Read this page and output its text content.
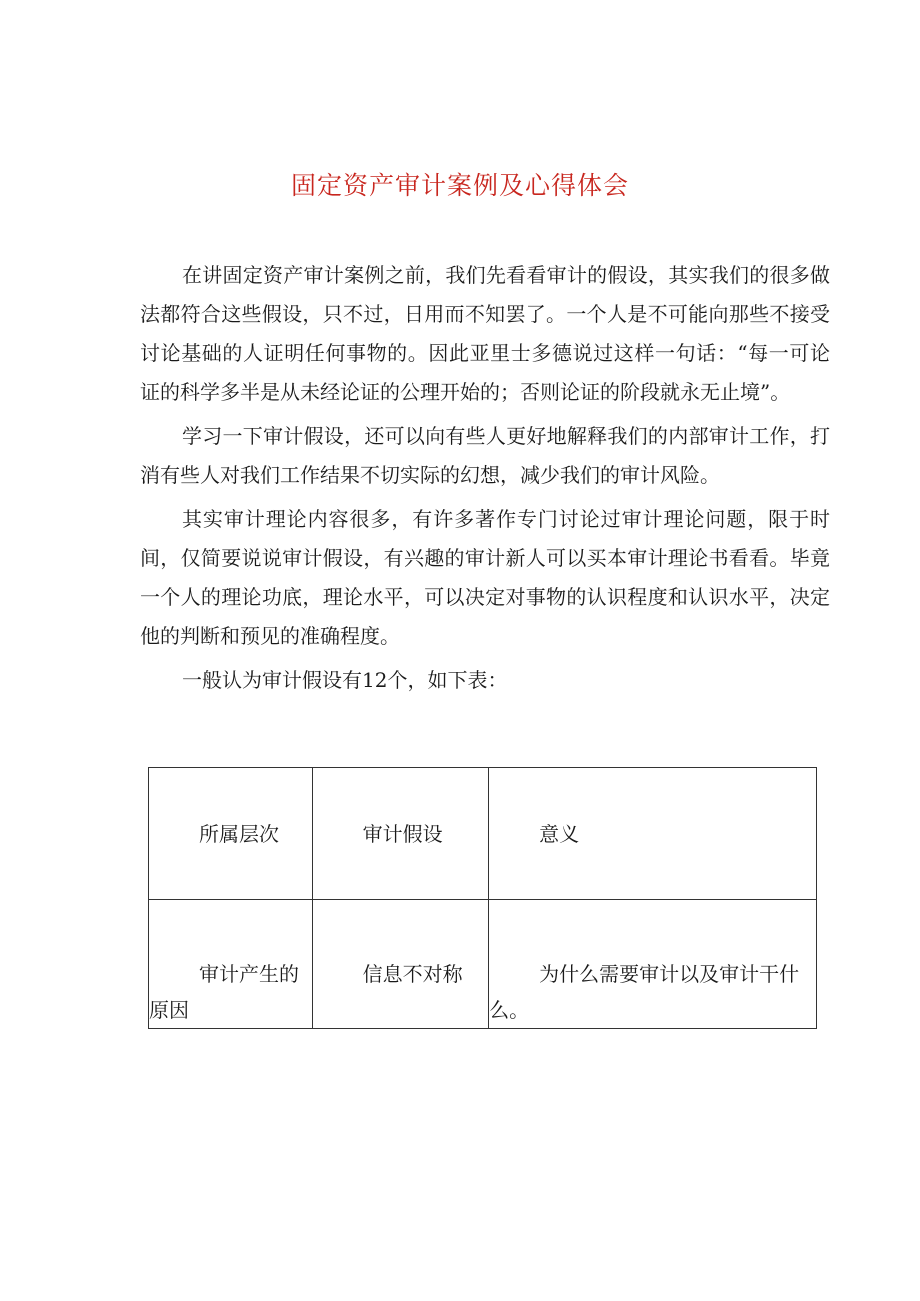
固定资产审计案例及心得体会

在讲固定资产审计案例之前，我们先看看审计的假设，其实我们的很多做法都符合这些假设，只不过，日用而不知罢了。一个人是不可能向那些不接受讨论基础的人证明任何事物的。因此亚里士多德说过这样一句话：“每一可论证的科学多半是从未经论证的公理开始的；否则论证的阶段就永无止境”。

学习一下审计假设，还可以向有些人更好地解释我们的内部审计工作，打消有些人对我们工作结果不切实际的幻想，减少我们的审计风险。

其实审计理论内容很多，有许多著作专门讨论过审计理论问题，限于时间，仅简要说说审计假设，有兴趣的审计新人可以买本审计理论书看看。毕竟一个人的理论功底，理论水平，可以决定对事物的认识程度和认识水平，决定他的判断和预见的准确程度。

一般认为审计假设有12个，如下表：

所属层次	审计假设	意义

审计产生的原因	信息不对称	为什么需要审计以及审计干什么。
